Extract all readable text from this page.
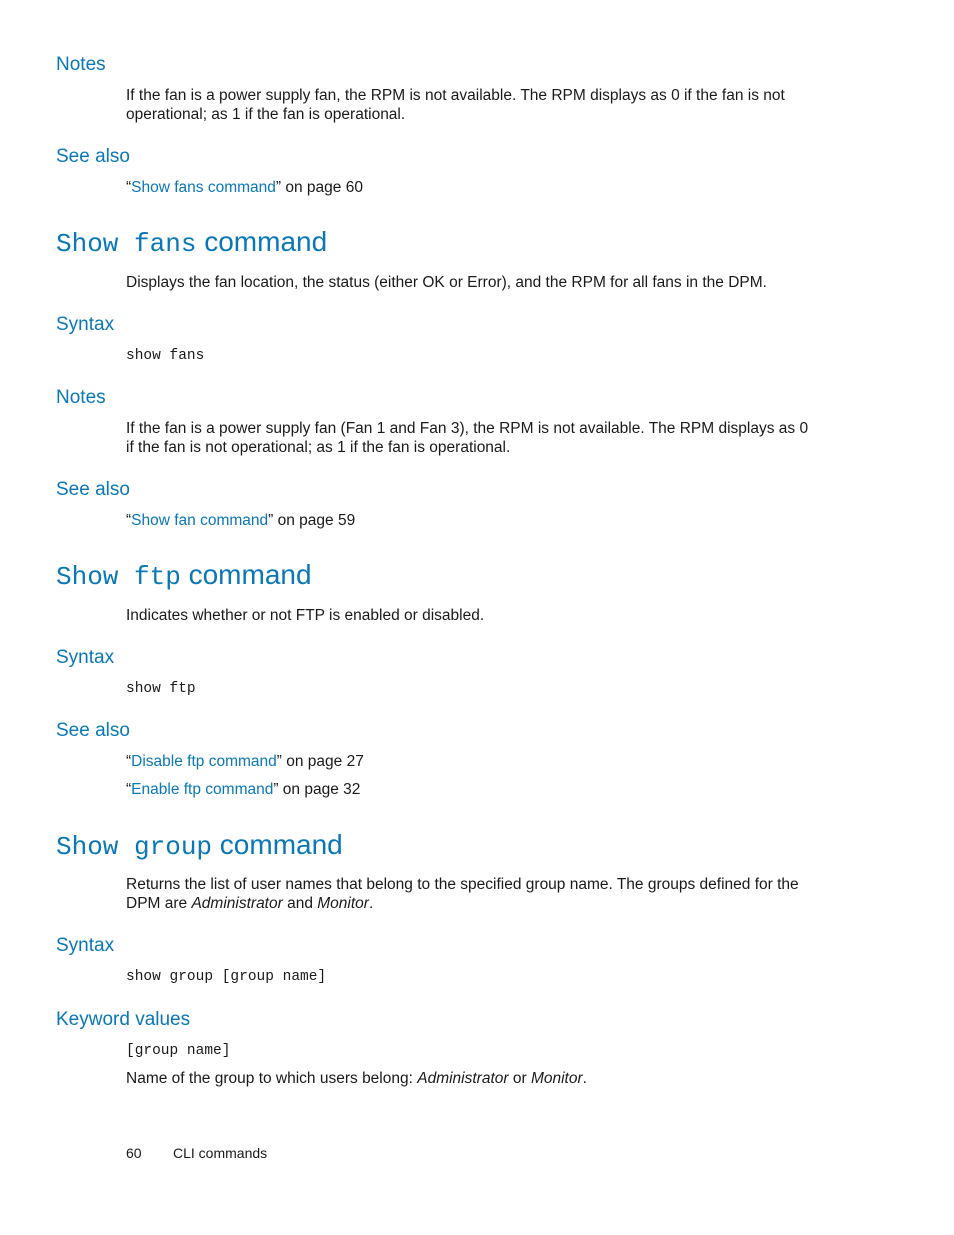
Notes
If the fan is a power supply fan, the RPM is not available. The RPM displays as 0 if the fan is not
operational; as 1 if the fan is operational.
See also
“Show fans command” on page 60
Show fans command
Displays the fan location, the status (either OK or Error), and the RPM for all fans in the DPM.
Syntax
show fans
Notes
If the fan is a power supply fan (Fan 1 and Fan 3), the RPM is not available. The RPM displays as 0
if the fan is not operational; as 1 if the fan is operational.
See also
“Show fan command” on page 59
Show ftp command
Indicates whether or not FTP is enabled or disabled.
Syntax
show ftp
See also
“Disable ftp command” on page 27
“Enable ftp command” on page 32
Show group command
Returns the list of user names that belong to the specified group name. The groups defined for the
DPM are Administrator and Monitor.
Syntax
show group [group name]
Keyword values
[group name]
Name of the group to which users belong: Administrator or Monitor.
60 CLI commands
